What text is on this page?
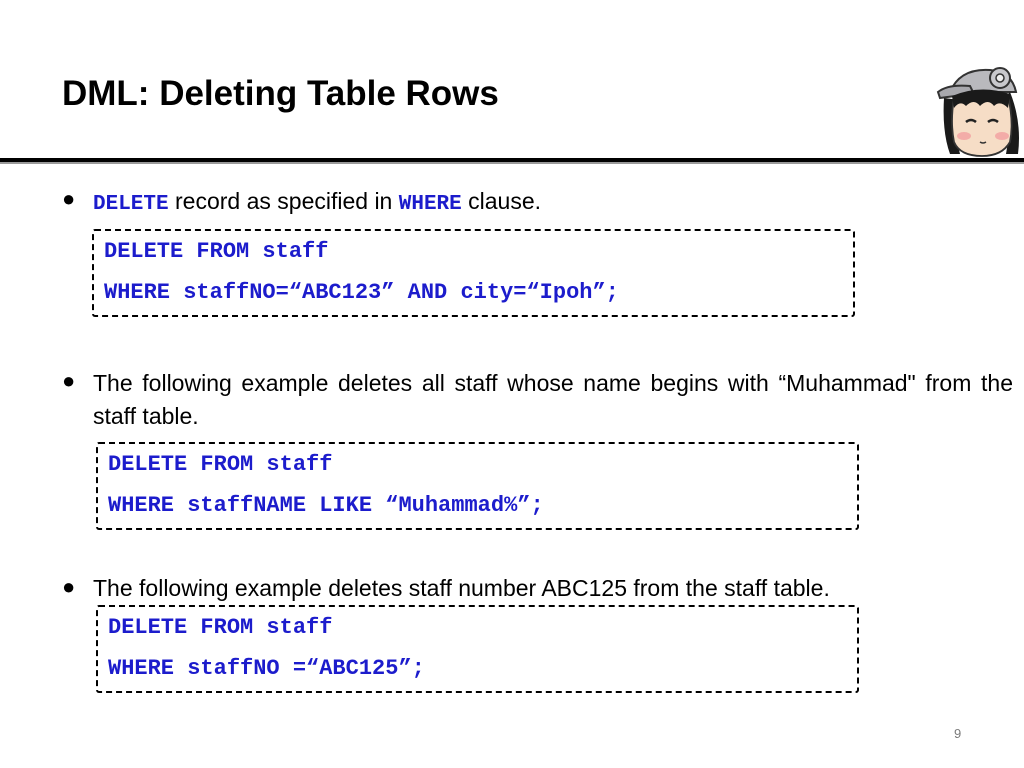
DML: Deleting Table Rows
● DELETE record as specified in WHERE clause.
DELETE FROM staff
WHERE staffNO=“ABC123” AND city=“Ipoh”;
● The following example deletes all staff whose name begins with “Muhammad" from the staff table.
DELETE FROM staff
WHERE staffNAME LIKE “Muhammad%”;
● The following example deletes staff number ABC125 from the staff table.
DELETE FROM staff
WHERE staffNO =“ABC125”;
9
